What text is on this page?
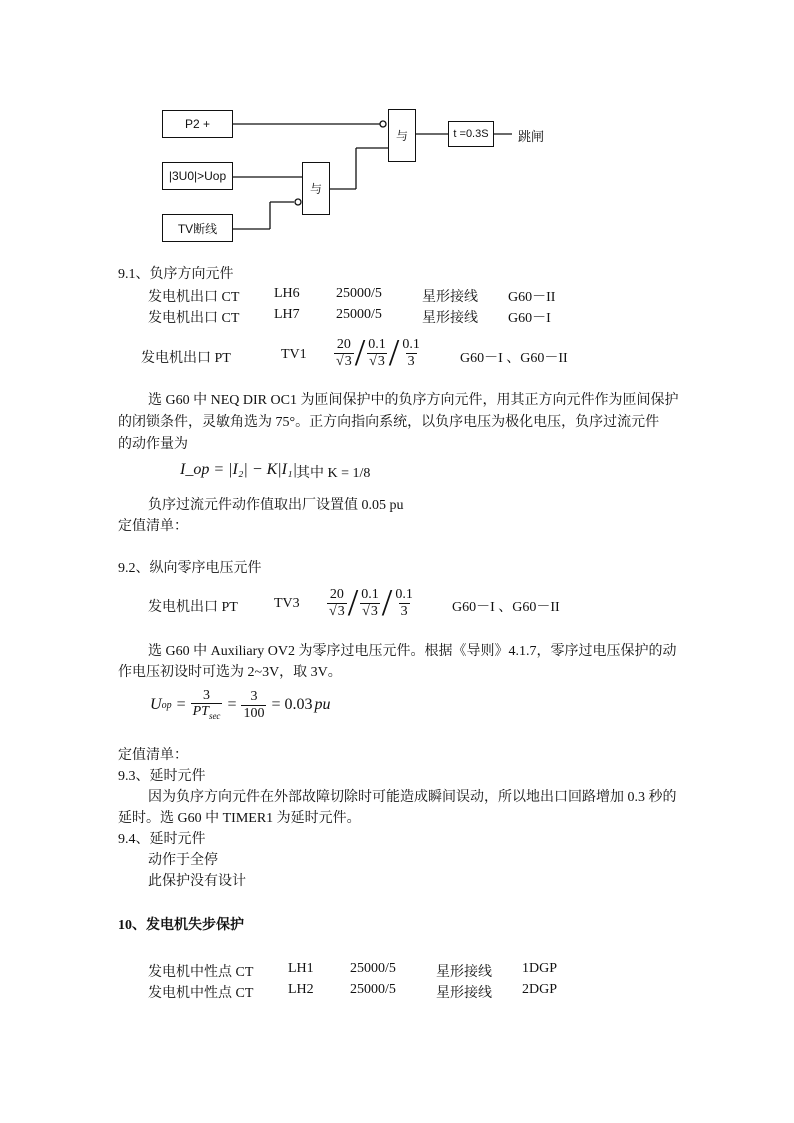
P2 +
|3U0|>Uop
TV断线
与
与	t =0.3S	跳闸
9.1、负序方向元件
发电机出口 CT LH6	25000/5	星形接线 G60－II
发电机出口 CT LH7	25000/5	星形接线 G60－I
发电机出口 PT	$TV1 \frac{20}{√3} / \frac{0.1}{√3} / \frac{0.1}{3}$	G60－I 、G60－II
选 G60 中 NEQ DIR OC1 为匝间保护中的负序方向元件，用其正方向元件作为匝间保护
的闭锁条件，灵敏角选为 75°。正方向指向系统，以负序电压为极化电压，负序过流元件
的动作量为
I_op = |I₂| − K|I₁| 其中 K = 1/8
负序过流元件动作值取出厂设置值 0.05 pu
定值清单：
9.2、纵向零序电压元件
发电机出口 PT	$TV3 \frac{20}{√3} / \frac{0.1}{√3} / \frac{0.1}{3}$	G60－I 、G60－II
选 G60 中 Auxiliary OV2 为零序过电压元件。根据《导则》4.1.7，零序过电压保护的动
作电压初设时可选为 2~3V，取 3V。
U op = $\frac{3}{PT_{sec}} = \frac{3}{100} = 0.03$ pu
定值清单：
9.3、延时元件
因为负序方向元件在外部故障切除时可能造成瞬间误动，所以地出口回路增加 0.3 秒的
延时。选 G60 中 TIMER1 为延时元件。
9.4、延时元件
动作于全停
此保护没有设计
10、发电机失步保护
发电机中性点 CT LH1	25000/5	星形接线 1DGP
发电机中性点 CT LH2	25000/5	星形接线 2DGP
